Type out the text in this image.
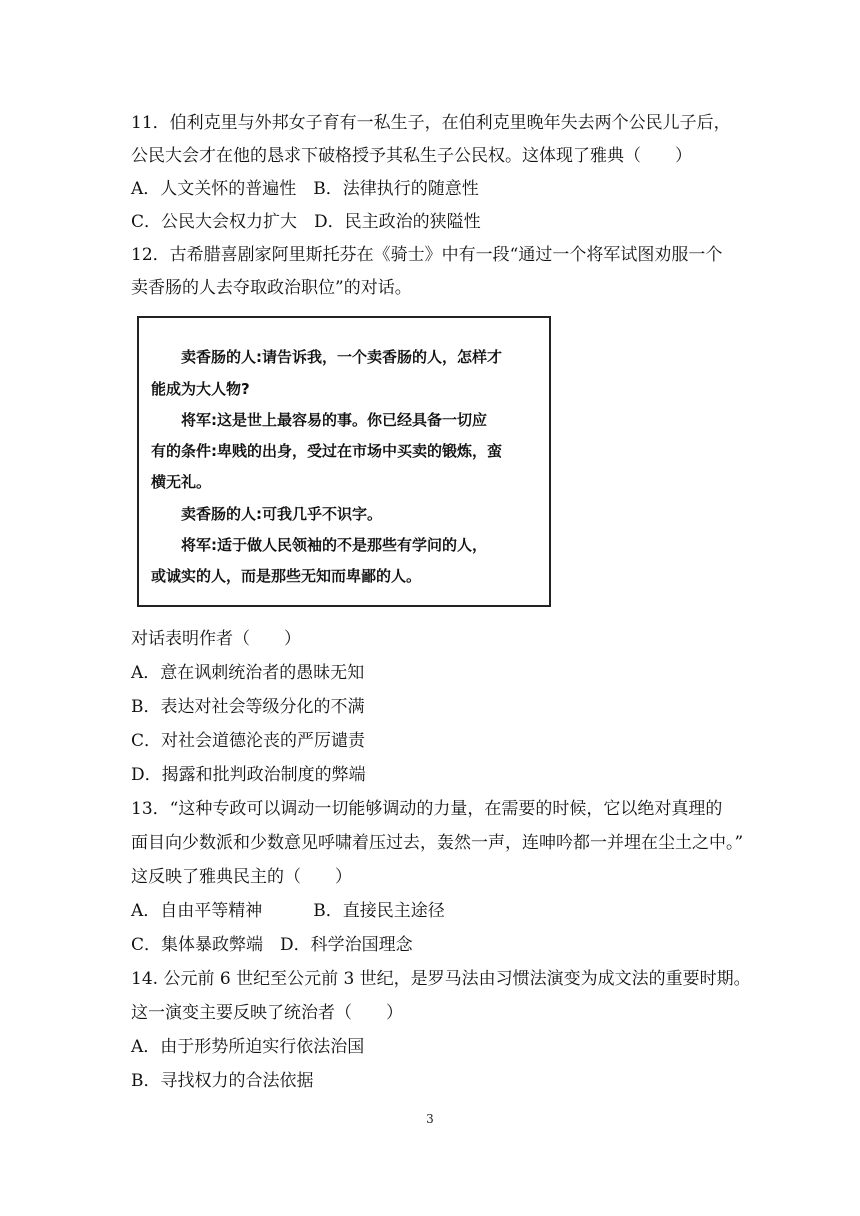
11．伯利克里与外邦女子育有一私生子，在伯利克里晚年失去两个公民儿子后，
公民大会才在他的恳求下破格授予其私生子公民权。这体现了雅典（　　）
A．人文关怀的普遍性　B．法律执行的随意性
C．公民大会权力扩大　D．民主政治的狭隘性
12．古希腊喜剧家阿里斯托芬在《骑士》中有一段“通过一个将军试图劝服一个
卖香肠的人去夺取政治职位”的对话。
　　卖香肠的人:请告诉我，一个卖香肠的人，怎样才
能成为大人物?
　　将军:这是世上最容易的事。你已经具备一切应
有的条件:卑贱的出身，受过在市场中买卖的锻炼，蛮
横无礼。
　　卖香肠的人:可我几乎不识字。
　　将军:适于做人民领袖的不是那些有学问的人，
或诚实的人，而是那些无知而卑鄙的人。
对话表明作者（　　）
A．意在讽刺统治者的愚昧无知
B．表达对社会等级分化的不满
C．对社会道德沦丧的严厉谴责
D．揭露和批判政治制度的弊端
13．“这种专政可以调动一切能够调动的力量，在需要的时候，它以绝对真理的
面目向少数派和少数意见呼啸着压过去，轰然一声，连呻吟都一并埋在尘土之中。”
这反映了雅典民主的（　　）
A．自由平等精神　　　B．直接民主途径
C．集体暴政弊端　D．科学治国理念
14. 公元前 6 世纪至公元前 3 世纪，是罗马法由习惯法演变为成文法的重要时期。
这一演变主要反映了统治者（　　）
A．由于形势所迫实行依法治国
B．寻找权力的合法依据
3
